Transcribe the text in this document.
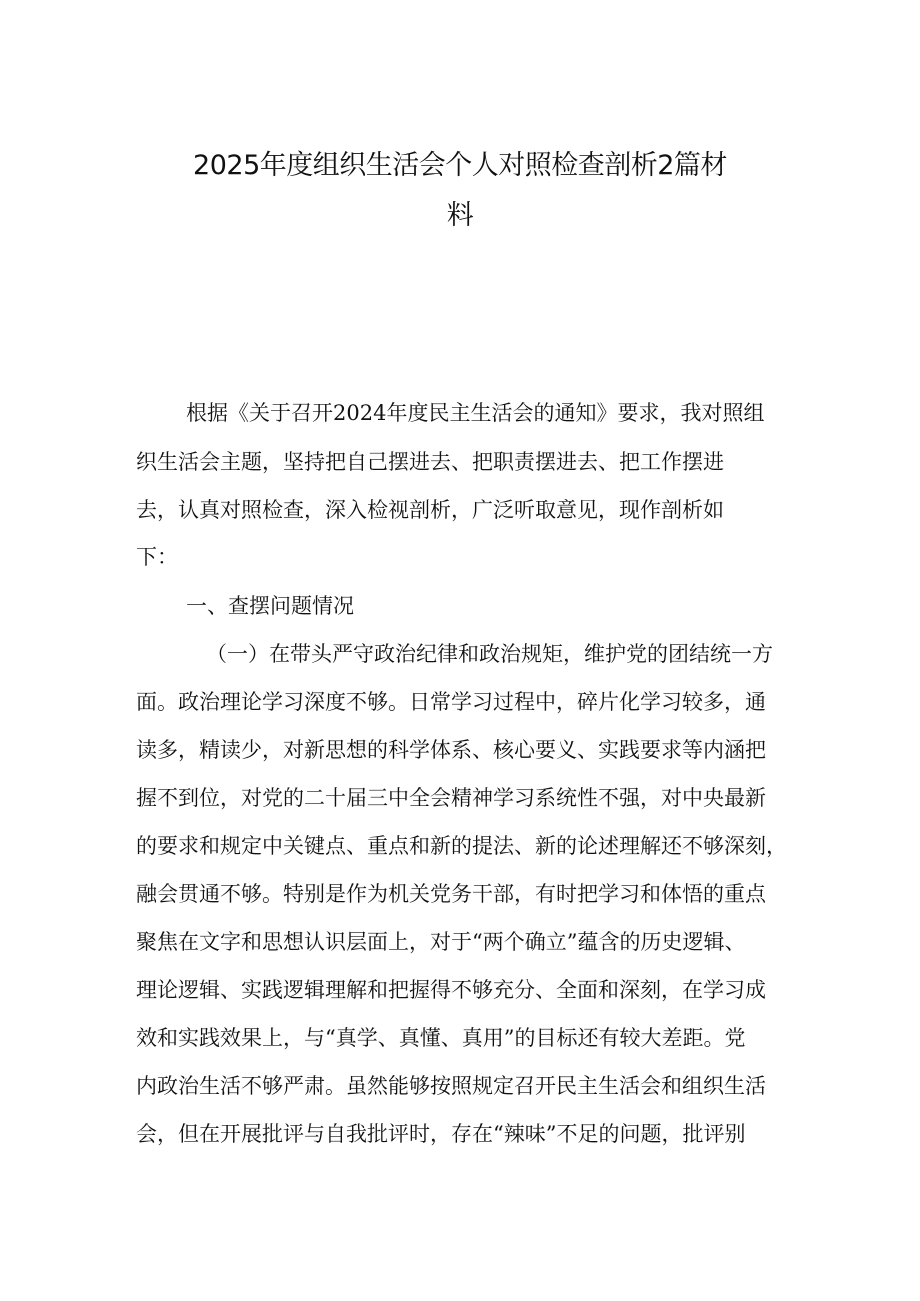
2025年度组织生活会个人对照检查剖析2篇材
料
根据《关于召开2024年度民主生活会的通知》要求，我对照组
织生活会主题，坚持把自己摆进去、把职责摆进去、把工作摆进
去，认真对照检查，深入检视剖析，广泛听取意见，现作剖析如
下：
一、查摆问题情况
（一）在带头严守政治纪律和政治规矩，维护党的团结统一方
面。政治理论学习深度不够。日常学习过程中，碎片化学习较多，通
读多，精读少，对新思想的科学体系、核心要义、实践要求等内涵把
握不到位，对党的二十届三中全会精神学习系统性不强，对中央最新
的要求和规定中关键点、重点和新的提法、新的论述理解还不够深刻，
融会贯通不够。特别是作为机关党务干部，有时把学习和体悟的重点
聚焦在文字和思想认识层面上，对于“两个确立”蕴含的历史逻辑、
理论逻辑、实践逻辑理解和把握得不够充分、全面和深刻，在学习成
效和实践效果上，与“真学、真懂、真用”的目标还有较大差距。党
内政治生活不够严肃。虽然能够按照规定召开民主生活会和组织生活
会，但在开展批评与自我批评时，存在“辣味”不足的问题，批评别
